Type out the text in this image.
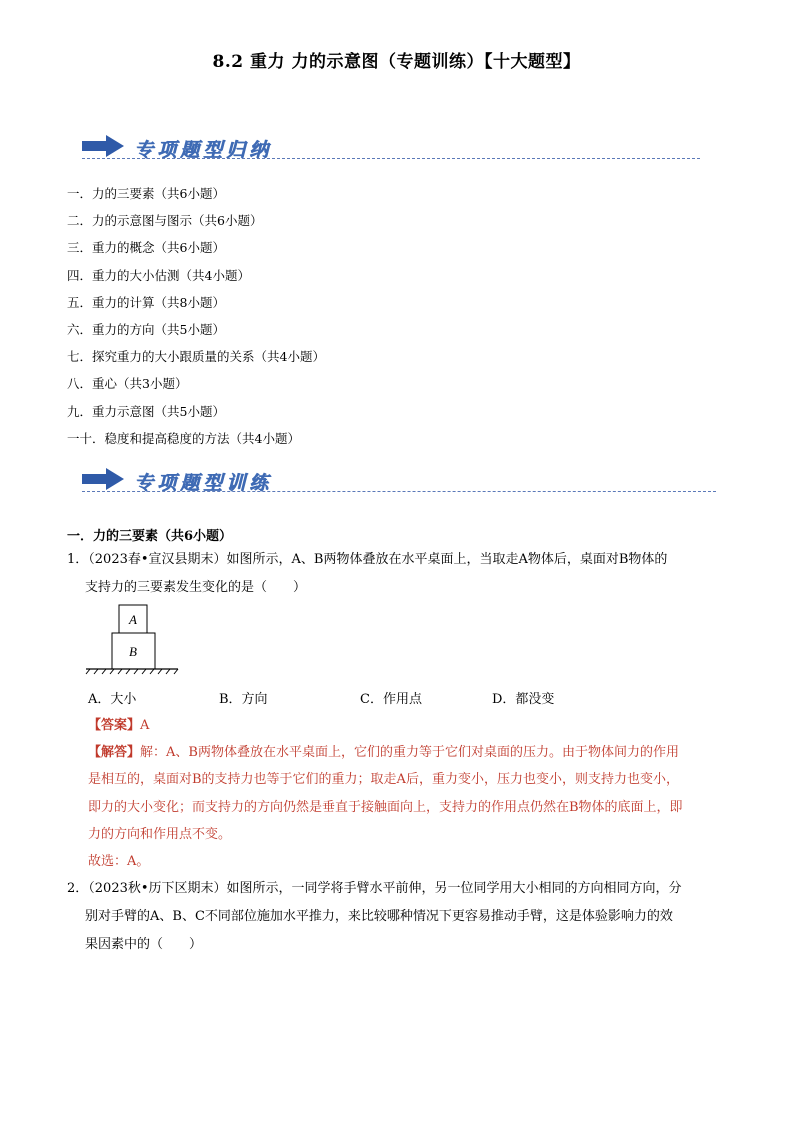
8.2 重力 力的示意图（专题训练）【十大题型】
专项题型归纳
一．力的三要素（共6小题）
二．力的示意图与图示（共6小题）
三．重力的概念（共6小题）
四．重力的大小估测（共4小题）
五．重力的计算（共8小题）
六．重力的方向（共5小题）
七．探究重力的大小跟质量的关系（共4小题）
八．重心（共3小题）
九．重力示意图（共5小题）
一十．稳度和提高稳度的方法（共4小题）
专项题型训练
一．力的三要素（共6小题）
1．（2023春•宣汉县期末）如图所示，A、B两物体叠放在水平桌面上，当取走A物体后，桌面对B物体的
支持力的三要素发生变化的是（　　）
A
B
A．大小	B．方向	C．作用点	D．都没变
【答案】A
【解答】解：A、B两物体叠放在水平桌面上，它们的重力等于它们对桌面的压力。由于物体间力的作用
是相互的，桌面对B的支持力也等于它们的重力；取走A后，重力变小，压力也变小，则支持力也变小，
即力的大小变化；而支持力的方向仍然是垂直于接触面向上，支持力的作用点仍然在B物体的底面上，即
力的方向和作用点不变。
故选：A。
2．（2023秋•历下区期末）如图所示，一同学将手臂水平前伸，另一位同学用大小相同的方向相同方向，分
别对手臂的A、B、C不同部位施加水平推力，来比较哪种情况下更容易推动手臂，这是体验影响力的效
果因素中的（　　）
